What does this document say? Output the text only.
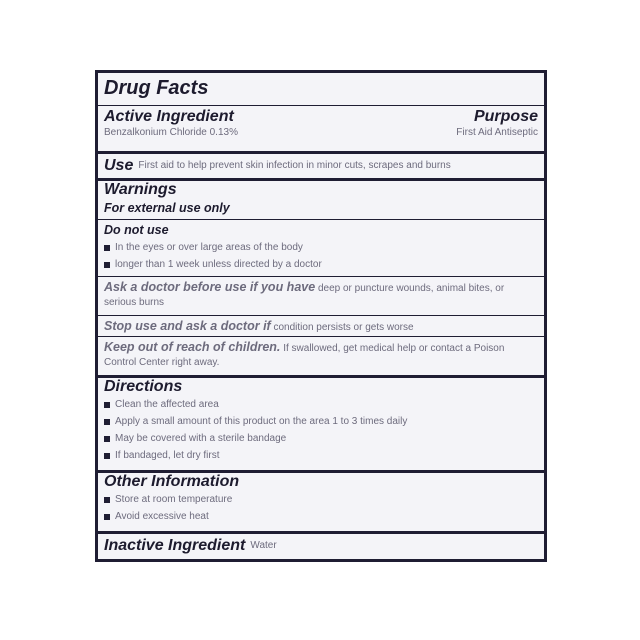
Drug Facts
Active Ingredient
Benzalkonium Chloride 0.13%
Purpose
First Aid Antiseptic
Use First aid to help prevent skin infection in minor cuts, scrapes and burns
Warnings
For external use only
Do not use
In the eyes or over large areas of the body
longer than 1 week unless directed by a doctor
Ask a doctor before use if you have deep or puncture wounds, animal bites, or serious burns
Stop use and ask a doctor if condition persists or gets worse
Keep out of reach of children. If swallowed, get medical help or contact a Poison Control Center right away.
Directions
Clean the affected area
Apply a small amount of this product on the area 1 to 3 times daily
May be covered with a sterile bandage
If bandaged, let dry first
Other Information
Store at room temperature
Avoid excessive heat
Inactive Ingredient Water
